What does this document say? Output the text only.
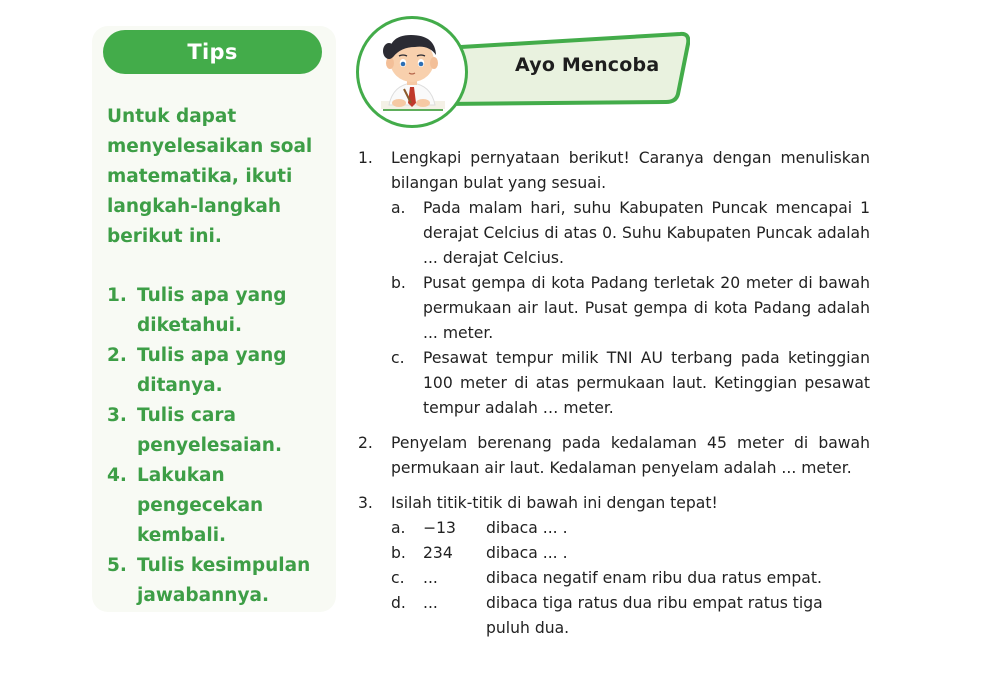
Tips

Untuk dapat menyelesaikan soal matematika, ikuti langkah-langkah berikut ini.

1. Tulis apa yang diketahui.
2. Tulis apa yang ditanya.
3. Tulis cara penyelesaian.
4. Lakukan pengecekan kembali.
5. Tulis kesimpulan jawabannya.
Ayo Mencoba
1.	Lengkapi pernyataan berikut! Caranya dengan menuliskan bilangan bulat yang sesuai.
a.	Pada malam hari, suhu Kabupaten Puncak mencapai 1 derajat Celcius di atas 0. Suhu Kabupaten Puncak adalah ... derajat Celcius.
b.	Pusat gempa di kota Padang terletak 20 meter di bawah permukaan air laut. Pusat gempa di kota Padang adalah ... meter.
c.	Pesawat tempur milik TNI AU terbang pada ketinggian 100 meter di atas permukaan laut. Ketinggian pesawat tempur adalah … meter.
2.	Penyelam berenang pada kedalaman 45 meter di bawah permukaan air laut. Kedalaman penyelam adalah ... meter.
3.	Isilah titik-titik di bawah ini dengan tepat!
a.	−13	dibaca ... .
b.	234	dibaca ... .
c.	...	dibaca negatif enam ribu dua ratus empat.
d.	...	dibaca tiga ratus dua ribu empat ratus tiga puluh dua.
